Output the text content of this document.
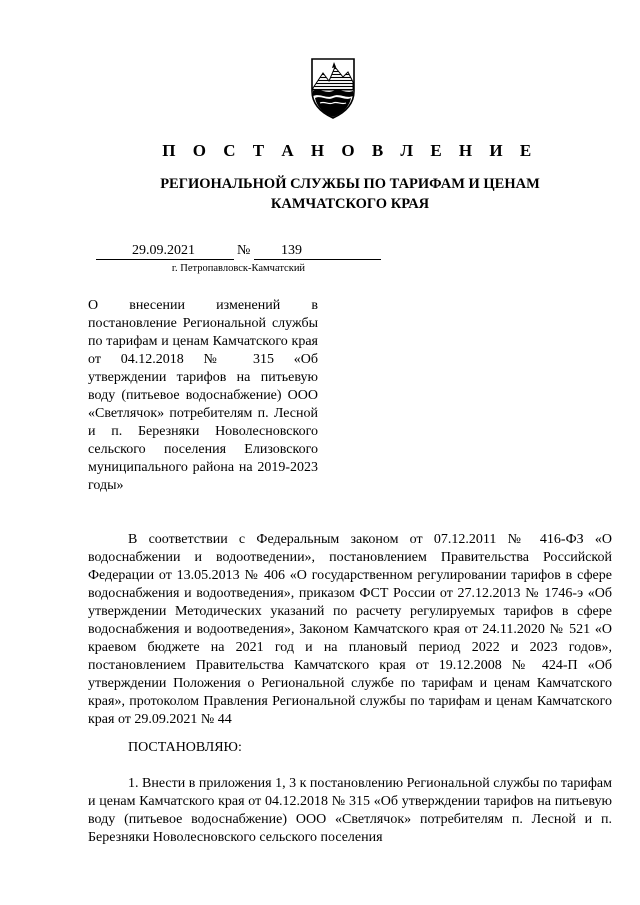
П О С Т А Н О В Л Е Н И Е
РЕГИОНАЛЬНОЙ СЛУЖБЫ ПО ТАРИФАМ И ЦЕНАМ
КАМЧАТСКОГО КРАЯ
29.09.2021	№ 139
г. Петропавловск-Камчатский
О внесении изменений в постановление Региональной службы по тарифам и ценам Камчатского края от 04.12.2018 № 315 «Об утверждении тарифов на питьевую воду (питьевое водоснабжение) ООО «Светлячок» потребителям п. Лесной и п. Березняки Новолесновского сельского поселения Елизовского муниципального района на 2019-2023 годы»
В соответствии с Федеральным законом от 07.12.2011 № 416-ФЗ «О водоснабжении и водоотведении», постановлением Правительства Российской Федерации от 13.05.2013 № 406 «О государственном регулировании тарифов в сфере водоснабжения и водоотведения», приказом ФСТ России от 27.12.2013 № 1746-э «Об утверждении Методических указаний по расчету регулируемых тарифов в сфере водоснабжения и водоотведения», Законом Камчатского края от 24.11.2020 № 521 «О краевом бюджете на 2021 год и на плановый период 2022 и 2023 годов», постановлением Правительства Камчатского края от 19.12.2008 № 424-П «Об утверждении Положения о Региональной службе по тарифам и ценам Камчатского края», протоколом Правления Региональной службы по тарифам и ценам Камчатского края от 29.09.2021 № 44
ПОСТАНОВЛЯЮ:
1. Внести в приложения 1, 3 к постановлению Региональной службы по тарифам и ценам Камчатского края от 04.12.2018 № 315 «Об утверждении тарифов на питьевую воду (питьевое водоснабжение) ООО «Светлячок» потребителям п. Лесной и п. Березняки Новолесновского сельского поселения
